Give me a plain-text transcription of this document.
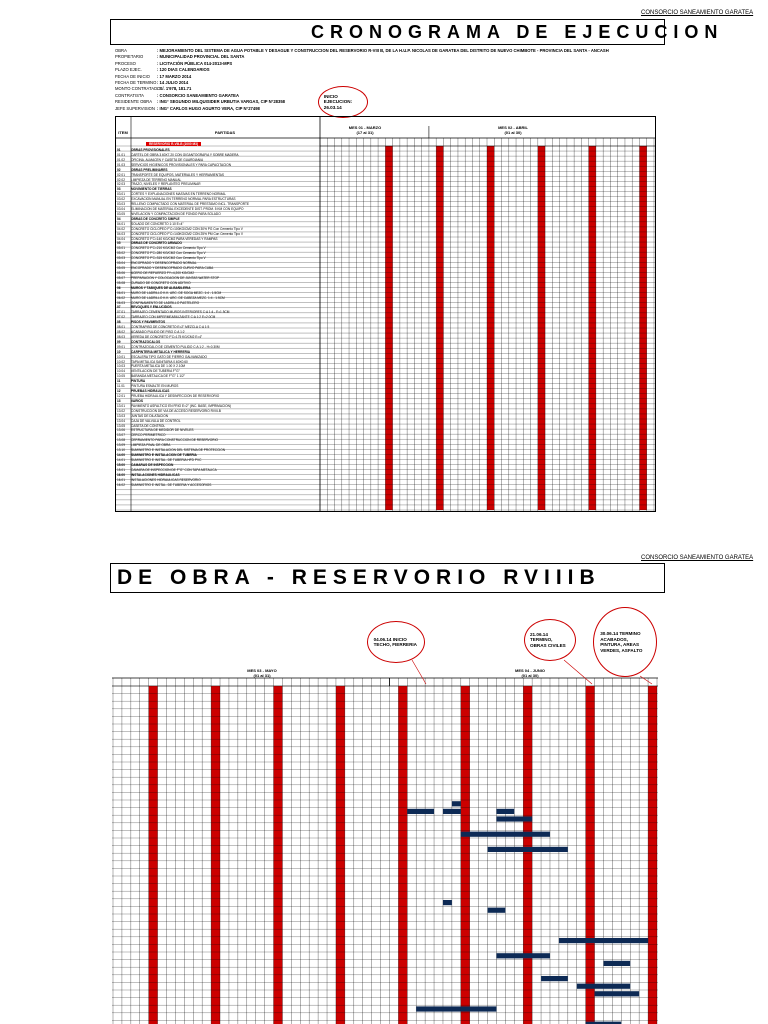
CONSORCIO SANEAMIENTO GARATEA
CRONOGRAMA DE EJECUCION
OBRA	: MEJORAMIENTO DEL SISTEMA DE AGUA POTABLE Y DESAGUE Y CONSTRUCCION DEL RESERVORIO R-VIII B, DE LA H.U.P. NICOLAS DE GARATEA DEL DISTRITO DE NUEVO CHIMBOTE - PROVINCIA DEL SANTA - ANCASH
PROPIETARIO	: MUNICIPALIDAD PROVINCIAL DEL SANTA
PROCESO	: LICITACIÓN PÚBLICA 014-2013-MPS
PLAZO EJEC.	: 120 DIAS CALENDARIOS
FECHA DE INICIO : 17 MARZO 2014
FECHA DE TERMINO: 14 JULIO 2014
MONTO CONTRATADO: S/. 1'978, 181.71
CONTRATISTA	: CONSORCIO SANEAMIENTO GARATEA
RESIDENTE OBRA : ING° SEGUNDO MILQUISIDER URBUTIA VARGAS, CIP N°28358
JEFE SUPERVISION : ING° CARLOS HUGO AGURTO VERA, CIP N°27498
INICIO EJECUCION: 26.03.14
ITEM	PARTIDAS
MES 01 - MARZO
(17 al 31)
MES 02 - ABRIL
(01 al 30)
RESERVORIO R-VIII-B (1000 M3)
01	OBRAS PROVISIONALES
01.01 CARTEL DE OBRA 3.60X7.20 CON GIGANTOGRAFIA Y SOBRE MADERA
01.02 OFICINA, ALMACEN Y CASETA DE GUARDIANIA
01.03 SERVICIOS HIGIENICOS PROVISIONALES Y PARA CAPACITACION
02	OBRAS PRELIMINARES
02.01 TRANSPORTE DE EQUIPOS, MATERIALES Y HERRAMIENTAS
02.02 LIMPIEZA DE TERRENO MANUAL
02.03 TRAZO, NIVELES Y REPLANTEO PRELIMINAR
03	MOVIMIENTO DE TIERRAS
03.01 CORTES Y EXPLANACIONES MASIVAS EN TERRENO NORMAL
03.02 EXCAVACION MANUAL EN TERRENO NORMAL PARA ESTRUCTURAS
03.03 RELLENO COMPACTADO CON MATERIAL DE PRESTAMO INCL. TRANSPORTE
03.04 ELIMINACION DE MATERIAL EXCEDENTE DIST. PROM. 5 KM CON EQUIPO
03.05 NIVELACION Y COMPACTACION DE FONDO PARA SOLADO
04	OBRAS DE CONCRETO SIMPLE
04.01 SOLADO DE CONCRETO 1:10 E=4"
04.02 CONCRETO CICLOPEO F'C=100KG/CM2 CON 30% PG Con Cemento Tipo V
04.03 CONCRETO CICLOPEO F'C=140KG/CM2 CON 25% PM Con Cemento Tipo V
04.04 CONCRETO F'C=140 KG/CM2 PARA VEREDAS Y RAMPAS
05	OBRAS DE CONCRETO ARMADO
05.01 CONCRETO F'C=210 KG/CM2 Con Cemento Tipo V
05.02 CONCRETO F'C=280 KG/CM2 Con Cemento Tipo V
05.03 CONCRETO F'C=315 KG/CM2 Con Cemento Tipo V
05.04 ENCOFRADO Y DESENCOFRADO NORMAL
05.05 ENCOFRADO Y DESENCOFRADO CURVO PARA CUBA
05.06 ACERO DE REFUERZO FY=4,200 KG/CM2
05.07 PREPARACION Y COLOCACION DE JUNTAS WATER STOP
05.08 CURADO DE CONCRETO CON ADITIVO
06	MUROS Y TABIQUES DE ALBAÑILERIA
06.01 MURO DE LADRILLO K.K. ARC. DE SOGA MEZC. 1:4 - 1.5CM
06.02 MURO DE LADRILLO K.K. ARC. DE CABEZA MEZC. 1:4 - 1.5CM
06.03 CONFINAMIENTO DE LADRILLO PASTELERO
07	REVOQUES Y ENLUCIDOS
07.01 TARRAJEO CEMENTADO MUROS INTERIORES C:A 1:4 - E=1.5CM
07.02 TARRAJEO CON IMPERMEABILIZANTE C:A 1:2 E=2.0CM
08	PISOS Y PAVIMENTOS
08.01 CONTRAPISO DE CONCRETO E=2" MEZCLA C:A 1:5
08.02 ACABADO PULIDO DE PISO C:A 1:2
08.03 VEREDA DE CONCRETO F'C=175 KG/CM2 E=4"
09	CONTRAZOCALOS
09.01 CONTRAZOCALO DE CEMENTO PULIDO C:A 1:2 - H=0.30M
10	CARPINTERIA METALICA Y HERRERIA
10.01 ESCALERA TIPO GATO DE FIERRO GALVANIZADO
10.02 TAPA METALICA SANITARIA 0.60X0.60
10.03 PUERTA METALICA DE 1.00 X 2.10M
10.04 VENTILACION DE TUBERIA F°G°
10.05 BARANDA METALICA DE F°G° 1 1/2"
11	PINTURA
11.01 PINTURA ESMALTE EN MUROS
12	PRUEBAS HIDRAULICAS
12.01 PRUEBA HIDRAULICA Y DESINFECCION DE RESERVORIO
13	VARIOS
13.01 PAVIMENTO ASFALTICO EN FRIO E=2" (INC. BASE, IMPRIMACION)
13.02 CONSTRUCCION DE VIA DE ACCESO RESERVORIO RVIII-B
13.03 JUNTAS DE DILATACION
13.04 CAJA DE VALVULA DE CONTROL
13.05 CASETA DE CONTROL
13.06 ESTRUCTURA DE MEDIDOR DE NIVELES
13.07 CERCO PERIMETRICO
13.08 CERRAMIENTO PARA CONSTRUCCION DE RESERVORIO
13.09 LIMPIEZA FINAL DE OBRA
13.10 SUMINISTRO E INSTALACION DEL SISTEMA DE PROTECCION
14.00 SUMINISTRO E INSTALACION DE TUBERIA
14.01 SUMINISTRO E INSTAL. DE TUBERIA HFD PVC
15.00 CAMARAS DE INSPECCION
15.01 CAMARA DE INSPECCION DE F°G° CON TAPA METALICA
16.00 INSTALACIONES HIDRAULICAS
16.01 INSTALACIONES HIDRAULICAS RESERVORIO
16.02 SUMINISTRO E INSTAL. DE TUBERIA Y ACCESORIOS
CONSORCIO SANEAMIENTO GARATEA
DE OBRA - RESERVORIO RVIIIB
MES 03 - MAYO
(01 al 31)
MES 04 - JUNIO
(01 al 30)
04.06.14 INICIO TECHO, FIERRERIA
21.06.14 TERMINO, OBRAS CIVILES
30.06.14 TERMINO ACABADOS, PINTURA, AREAS VERDES, ASFALTO
